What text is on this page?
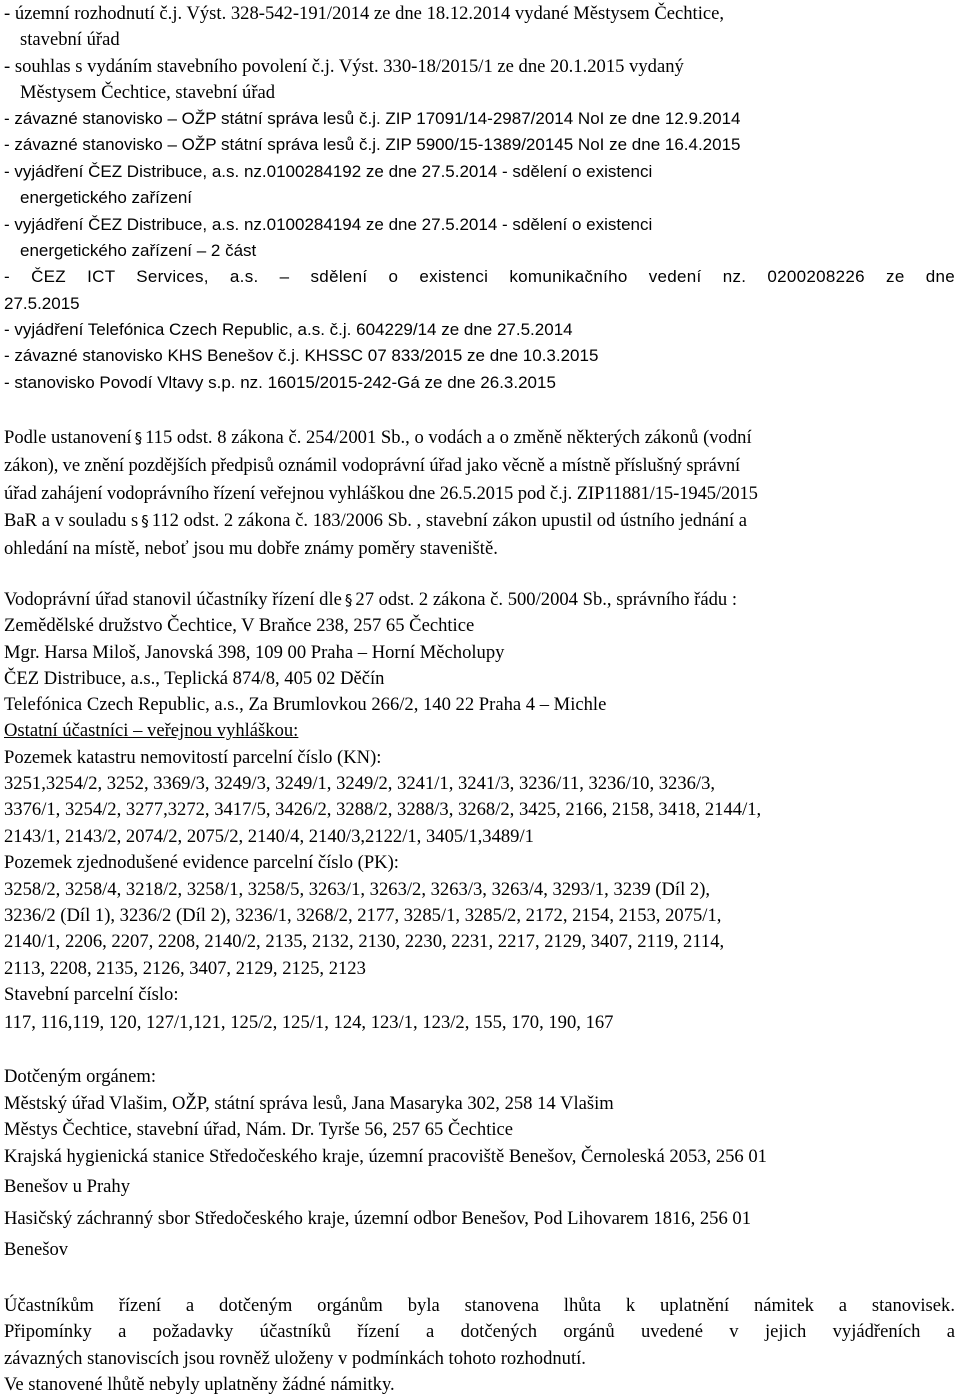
- územní rozhodnutí č.j. Výst. 328-542-191/2014 ze dne 18.12.2014 vydané Městysem Čechtice,
stavební úřad
- souhlas s vydáním stavebního povolení č.j. Výst. 330-18/2015/1 ze dne 20.1.2015 vydaný
Městysem Čechtice, stavební úřad
- závazné stanovisko – OŽP státní správa lesů č.j. ZIP 17091/14-2987/2014 NoI ze dne 12.9.2014
- závazné stanovisko – OŽP státní správa lesů č.j. ZIP 5900/15-1389/20145 NoI ze dne 16.4.2015
- vyjádření ČEZ Distribuce, a.s. nz.0100284192 ze dne 27.5.2014 - sdělení o existenci
energetického zařízení
- vyjádření ČEZ Distribuce, a.s. nz.0100284194 ze dne 27.5.2014 - sdělení o existenci
energetického zařízení – 2 část
- ČEZ ICT Services, a.s. – sdělení o existenci komunikačního vedení nz. 0200208226 ze dne
27.5.2015
- vyjádření Telefónica Czech Republic, a.s. č.j. 604229/14 ze dne 27.5.2014
- závazné stanovisko KHS Benešov č.j. KHSSC 07 833/2015 ze dne 10.3.2015
- stanovisko Povodí Vltavy s.p. nz. 16015/2015-242-Gá ze dne 26.3.2015
Podle ustanovení § 115 odst. 8 zákona č. 254/2001 Sb., o vodách a o změně některých zákonů (vodní
zákon), ve znění pozdějších předpisů oznámil vodoprávní úřad jako věcně a místně příslušný správní
úřad zahájení vodoprávního řízení veřejnou vyhláškou dne 26.5.2015 pod č.j. ZIP11881/15-1945/2015
BaR a v souladu s § 112 odst. 2 zákona č. 183/2006 Sb. , stavební zákon upustil od ústního jednání a
ohledání na místě, neboť jsou mu dobře známy poměry staveniště.
Vodoprávní úřad stanovil účastníky řízení dle § 27 odst. 2 zákona č. 500/2004 Sb., správního řádu :
Zemědělské družstvo Čechtice, V Braňce 238, 257 65 Čechtice
Mgr. Harsa Miloš, Janovská 398, 109 00 Praha – Horní Měcholupy
ČEZ Distribuce, a.s., Teplická 874/8, 405 02 Děčín
Telefónica Czech Republic, a.s., Za Brumlovkou 266/2, 140 22 Praha 4 – Michle
Ostatní účastníci – veřejnou vyhláškou:
Pozemek katastru nemovitostí parcelní číslo (KN):
3251,3254/2, 3252, 3369/3, 3249/3, 3249/1, 3249/2, 3241/1, 3241/3, 3236/11, 3236/10, 3236/3,
3376/1, 3254/2, 3277,3272, 3417/5, 3426/2, 3288/2, 3288/3, 3268/2, 3425, 2166, 2158, 3418, 2144/1,
2143/1, 2143/2, 2074/2, 2075/2, 2140/4, 2140/3,2122/1, 3405/1,3489/1
Pozemek zjednodušené evidence parcelní číslo (PK):
3258/2, 3258/4, 3218/2, 3258/1, 3258/5, 3263/1, 3263/2, 3263/3, 3263/4, 3293/1, 3239 (Díl 2),
3236/2 (Díl 1), 3236/2 (Díl 2), 3236/1, 3268/2, 2177, 3285/1, 3285/2, 2172, 2154, 2153, 2075/1,
2140/1, 2206, 2207, 2208, 2140/2, 2135, 2132, 2130, 2230, 2231, 2217, 2129, 3407, 2119, 2114,
2113, 2208, 2135, 2126, 3407, 2129, 2125, 2123
Stavební parcelní číslo:
117, 116,119, 120, 127/1,121, 125/2, 125/1, 124, 123/1, 123/2, 155, 170, 190, 167
Dotčeným orgánem:
Městský úřad Vlašim, OŽP, státní správa lesů, Jana Masaryka 302, 258 14 Vlašim
Městys Čechtice, stavební úřad, Nám. Dr. Tyrše 56, 257 65 Čechtice
Krajská hygienická stanice Středočeského kraje, územní pracoviště Benešov, Černoleská 2053, 256 01
Benešov u Prahy
Hasičský záchranný sbor Středočeského kraje, územní odbor Benešov, Pod Lihovarem 1816, 256 01
Benešov
Účastníkům řízení a dotčeným orgánům byla stanovena lhůta k uplatnění námitek a stanovisek.
Připomínky a požadavky účastníků řízení a dotčených orgánů uvedené v jejich vyjádřeních a
závazných stanoviscích jsou rovněž uloženy v podmínkách tohoto rozhodnutí.
Ve stanovené lhůtě nebyly uplatněny žádné námitky.
